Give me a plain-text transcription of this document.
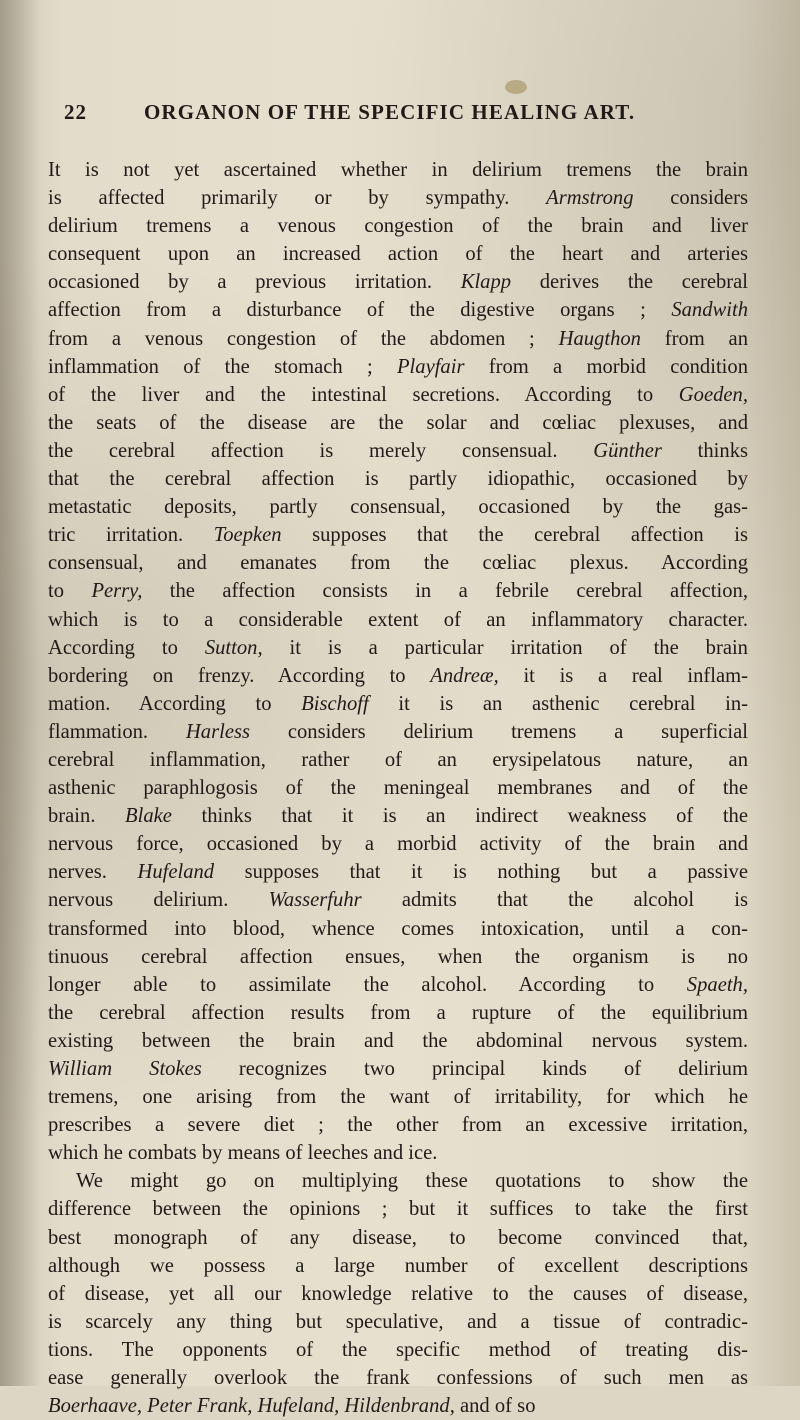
22	ORGANON OF THE SPECIFIC HEALING ART.
It is not yet ascertained whether in delirium tremens the brain
is affected primarily or by sympathy. Armstrong considers
delirium tremens a venous congestion of the brain and liver
consequent upon an increased action of the heart and arteries
occasioned by a previous irritation. Klapp derives the cerebral
affection from a disturbance of the digestive organs ; Sandwith
from a venous congestion of the abdomen ; Haugthon from an
inflammation of the stomach ; Playfair from a morbid condition
of the liver and the intestinal secretions. According to Goeden,
the seats of the disease are the solar and cœliac plexuses, and
the cerebral affection is merely consensual. Günther thinks
that the cerebral affection is partly idiopathic, occasioned by
metastatic deposits, partly consensual, occasioned by the gas-
tric irritation. Toepken supposes that the cerebral affection is
consensual, and emanates from the cœliac plexus. According
to Perry, the affection consists in a febrile cerebral affection,
which is to a considerable extent of an inflammatory character.
According to Sutton, it is a particular irritation of the brain
bordering on frenzy. According to Andreæ, it is a real inflam-
mation. According to Bischoff it is an asthenic cerebral in-
flammation. Harless considers delirium tremens a superficial
cerebral inflammation, rather of an erysipelatous nature, an
asthenic paraphlogosis of the meningeal membranes and of the
brain. Blake thinks that it is an indirect weakness of the
nervous force, occasioned by a morbid activity of the brain and
nerves. Hufeland supposes that it is nothing but a passive
nervous delirium. Wasserfuhr admits that the alcohol is
transformed into blood, whence comes intoxication, until a con-
tinuous cerebral affection ensues, when the organism is no
longer able to assimilate the alcohol. According to Spaeth,
the cerebral affection results from a rupture of the equilibrium
existing between the brain and the abdominal nervous system.
William Stokes recognizes two principal kinds of delirium
tremens, one arising from the want of irritability, for which he
prescribes a severe diet ; the other from an excessive irritation,
which he combats by means of leeches and ice.
We might go on multiplying these quotations to show the
difference between the opinions ; but it suffices to take the first
best monograph of any disease, to become convinced that,
although we possess a large number of excellent descriptions
of disease, yet all our knowledge relative to the causes of disease,
is scarcely any thing but speculative, and a tissue of contradic-
tions. The opponents of the specific method of treating dis-
ease generally overlook the frank confessions of such men as
Boerhaave, Peter Frank, Hufeland, Hildenbrand, and of so
